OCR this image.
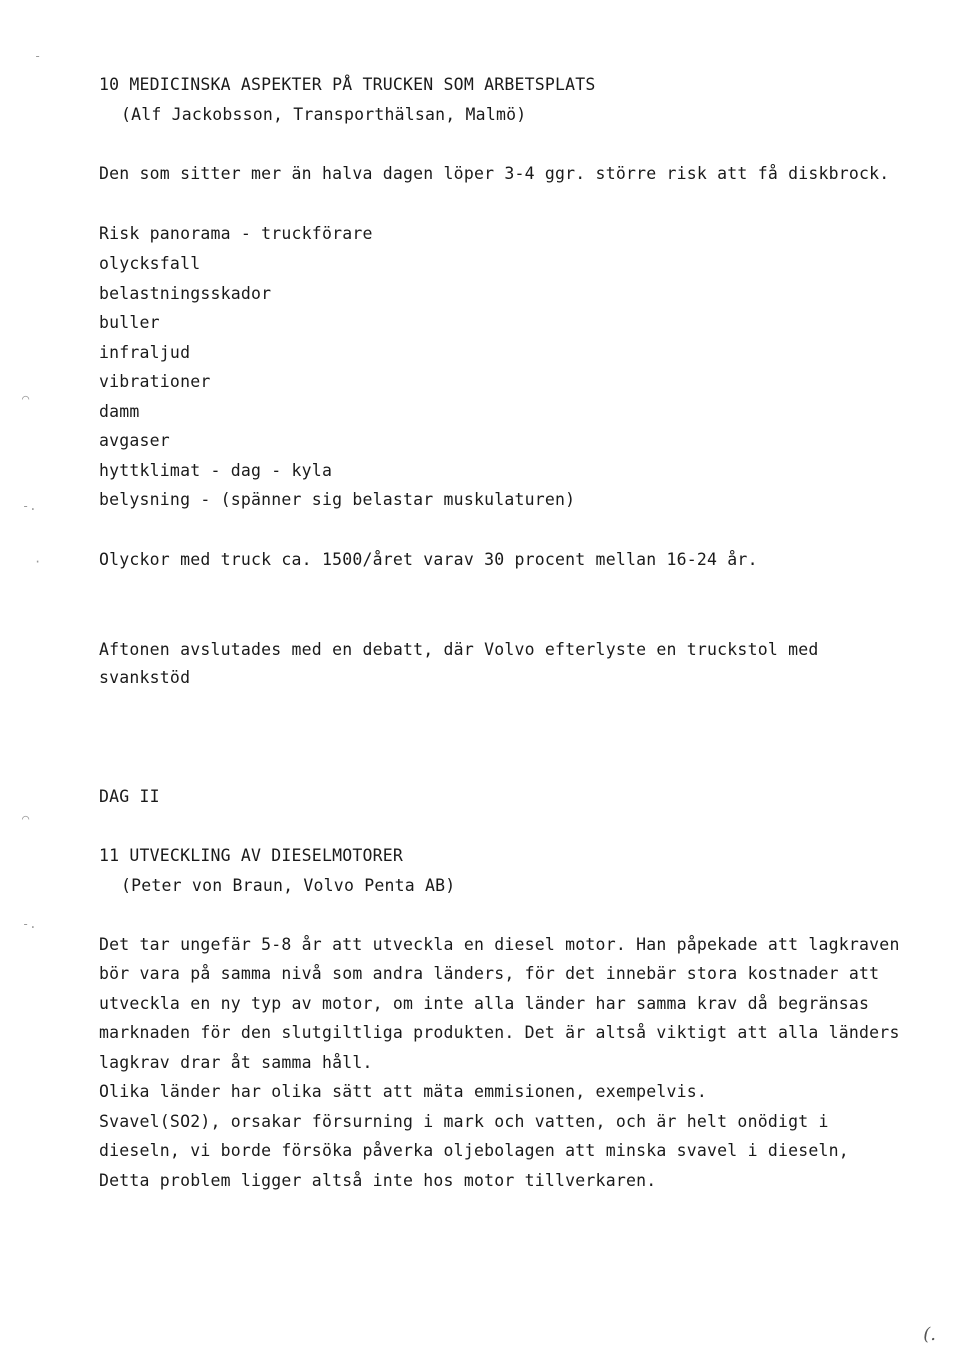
-
⌒
-.
·
⌒
-.
10 MEDICINSKA ASPEKTER PÅ TRUCKEN SOM ARBETSPLATS
(Alf Jackobsson, Transporthälsan, Malmö)
Den som sitter mer än halva dagen löper 3-4 ggr. större risk att få diskbrock.
Risk panorama - truckförare
olycksfall
belastningsskador
buller
infraljud
vibrationer
damm
avgaser
hyttklimat - dag - kyla
belysning - (spänner sig belastar muskulaturen)
Olyckor med truck ca. 1500/året varav 30 procent mellan 16-24 år.
Aftonen avslutades med en debatt, där Volvo efterlyste en truckstol med
svankstöd
DAG II
11 UTVECKLING AV DIESELMOTORER
(Peter von Braun, Volvo Penta AB)
Det tar ungefär 5-8 år att utveckla en diesel motor. Han påpekade att lagkraven
bör vara på samma nivå som andra länders, för det innebär stora kostnader att
utveckla en ny typ av motor, om inte alla länder har samma krav då begränsas
marknaden för den slutgiltliga produkten. Det är altså viktigt att alla länders
lagkrav drar åt samma håll.
Olika länder har olika sätt att mäta emmisionen, exempelvis.
Svavel(SO2), orsakar försurning i mark och vatten, och är helt onödigt i
dieseln, vi borde försöka påverka oljebolagen att minska svavel i dieseln,
Detta problem ligger altså inte hos motor tillverkaren.
(.
